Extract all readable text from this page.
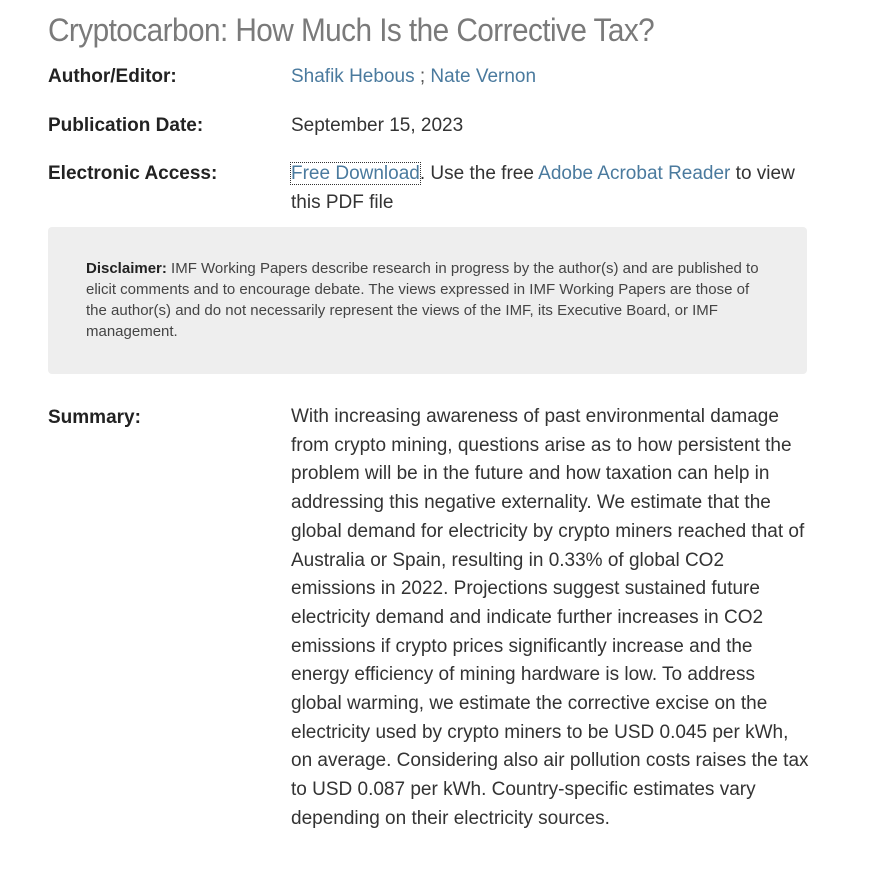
Cryptocarbon: How Much Is the Corrective Tax?
Author/Editor:	Shafik Hebous ; Nate Vernon
Publication Date:	September 15, 2023
Electronic Access:	Free Download. Use the free Adobe Acrobat Reader to view this PDF file
Disclaimer: IMF Working Papers describe research in progress by the author(s) and are published to elicit comments and to encourage debate. The views expressed in IMF Working Papers are those of the author(s) and do not necessarily represent the views of the IMF, its Executive Board, or IMF management.
Summary:	With increasing awareness of past environmental damage from crypto mining, questions arise as to how persistent the problem will be in the future and how taxation can help in addressing this negative externality. We estimate that the global demand for electricity by crypto miners reached that of Australia or Spain, resulting in 0.33% of global CO2 emissions in 2022. Projections suggest sustained future electricity demand and indicate further increases in CO2 emissions if crypto prices significantly increase and the energy efficiency of mining hardware is low. To address global warming, we estimate the corrective excise on the electricity used by crypto miners to be USD 0.045 per kWh, on average. Considering also air pollution costs raises the tax to USD 0.087 per kWh. Country-specific estimates vary depending on their electricity sources.
